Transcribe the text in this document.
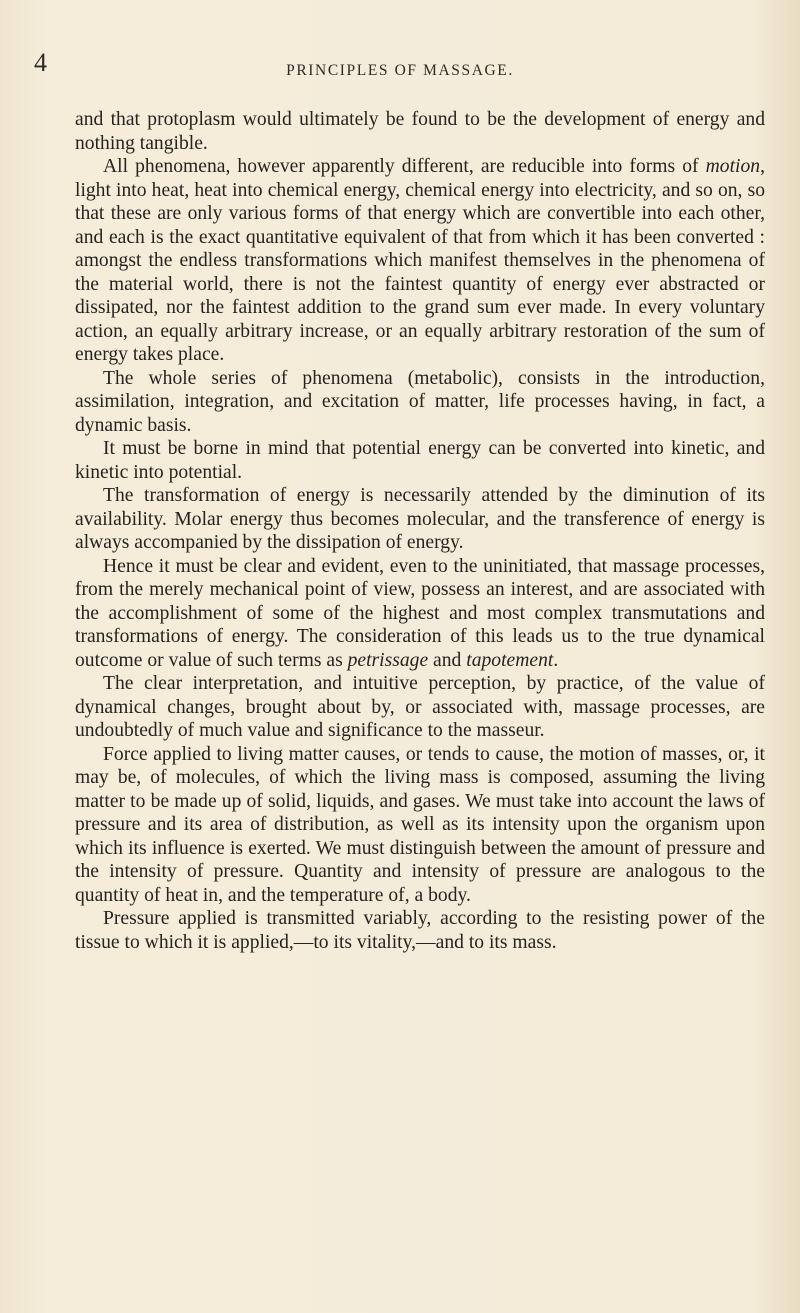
4	PRINCIPLES OF MASSAGE.

and that protoplasm would ultimately be found to be the development of energy and nothing tangible.

All phenomena, however apparently different, are reducible into forms of motion, light into heat, heat into chemical energy, chemical energy into electricity, and so on, so that these are only various forms of that energy which are convertible into each other, and each is the exact quantitative equivalent of that from which it has been converted : amongst the endless transformations which manifest themselves in the phenomena of the material world, there is not the faintest quantity of energy ever abstracted or dissipated, nor the faintest addition to the grand sum ever made. In every voluntary action, an equally arbitrary increase, or an equally arbitrary restoration of the sum of energy takes place.

The whole series of phenomena (metabolic), consists in the introduction, assimilation, integration, and excitation of matter, life processes having, in fact, a dynamic basis.

It must be borne in mind that potential energy can be converted into kinetic, and kinetic into potential.

The transformation of energy is necessarily attended by the diminution of its availability. Molar energy thus becomes molecular, and the transference of energy is always accompanied by the dissipation of energy.

Hence it must be clear and evident, even to the uninitiated, that massage processes, from the merely mechanical point of view, possess an interest, and are associated with the accomplishment of some of the highest and most complex transmutations and transformations of energy. The consideration of this leads us to the true dynamical outcome or value of such terms as petrissage and tapotement.

The clear interpretation, and intuitive perception, by practice, of the value of dynamical changes, brought about by, or associated with, massage processes, are undoubtedly of much value and significance to the masseur.

Force applied to living matter causes, or tends to cause, the motion of masses, or, it may be, of molecules, of which the living mass is composed, assuming the living matter to be made up of solid, liquids, and gases. We must take into account the laws of pressure and its area of distribution, as well as its intensity upon the organism upon which its influence is exerted. We must distinguish between the amount of pressure and the intensity of pressure. Quantity and intensity of pressure are analogous to the quantity of heat in, and the temperature of, a body.

Pressure applied is transmitted variably, according to the resisting power of the tissue to which it is applied,—to its vitality,—and to its mass.
